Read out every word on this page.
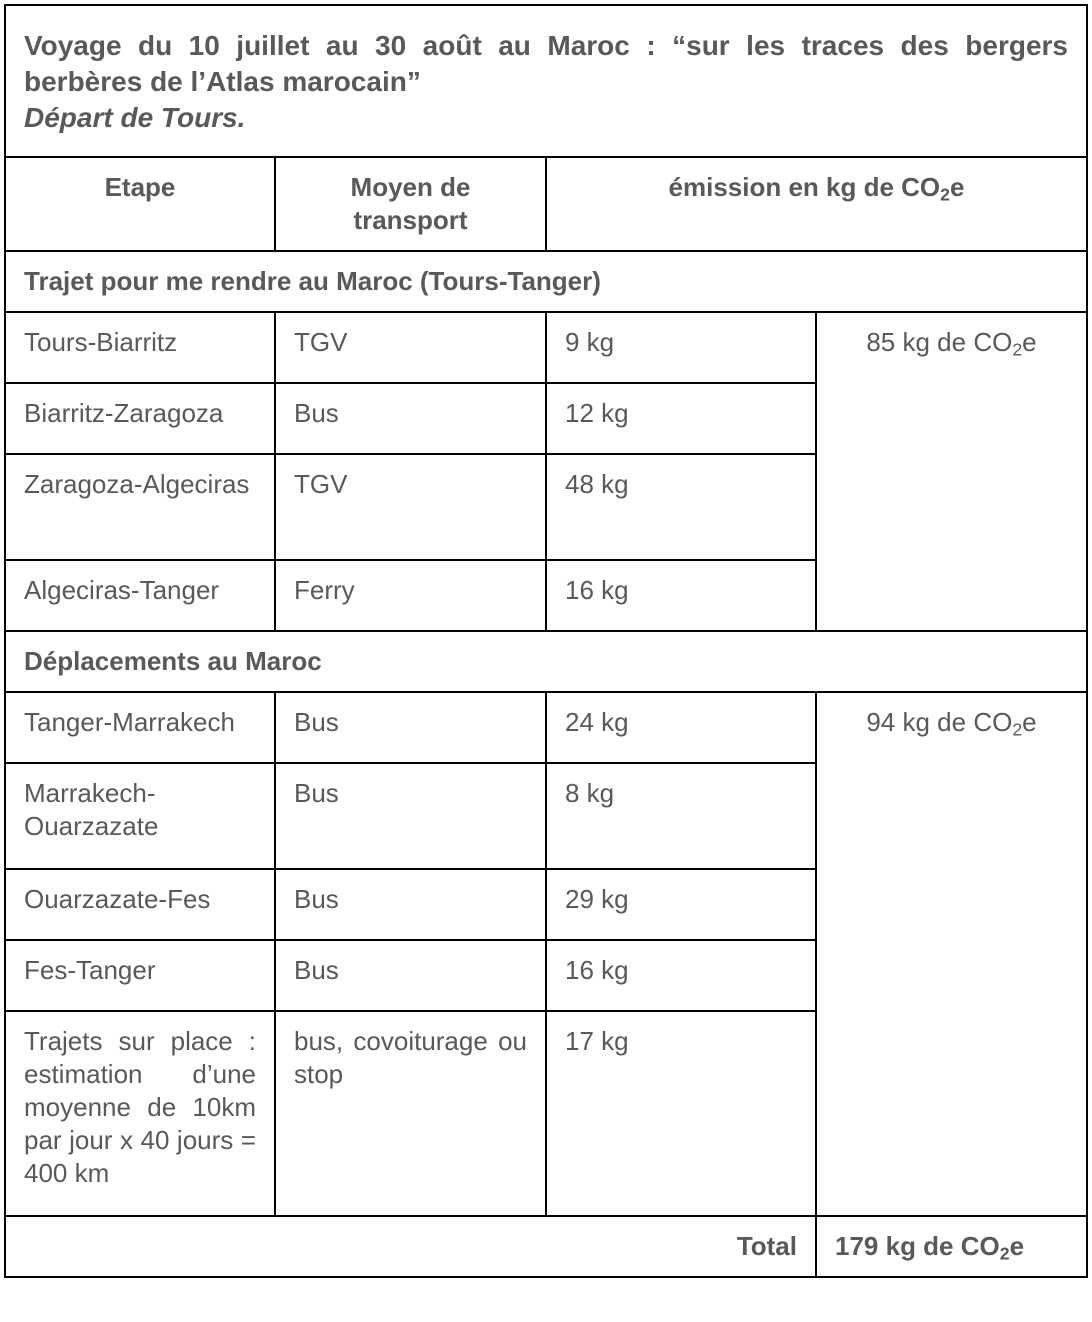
Voyage du 10 juillet au 30 août au Maroc : “sur les traces des bergers berbères de l’Atlas marocain”
Départ de Tours.			

Etape	Moyen de transport	émission en kg de $CO_2e$	
Trajet pour me rendre au Maroc (Tours-Tanger)			
Tours-Biarritz	TGV	9 kg	85 kg de $CO_2e$
Biarritz-Zaragoza	Bus	12 kg	
Zaragoza-Algeciras	TGV	48 kg	
Algeciras-Tanger	Ferry	16 kg	
Déplacements au Maroc			
Tanger-Marrakech	Bus	24 kg	94 kg de $CO_2e$
Marrakech-Ouarzazate	Bus	8 kg	
Ouarzazate-Fes	Bus	29 kg	
Fes-Tanger	Bus	16 kg	
Trajets sur place : estimation d’une moyenne de 10km par jour x 40 jours = 400 km	bus, covoiturage ou stop	17 kg	
Total			179 kg de $CO_2e$
